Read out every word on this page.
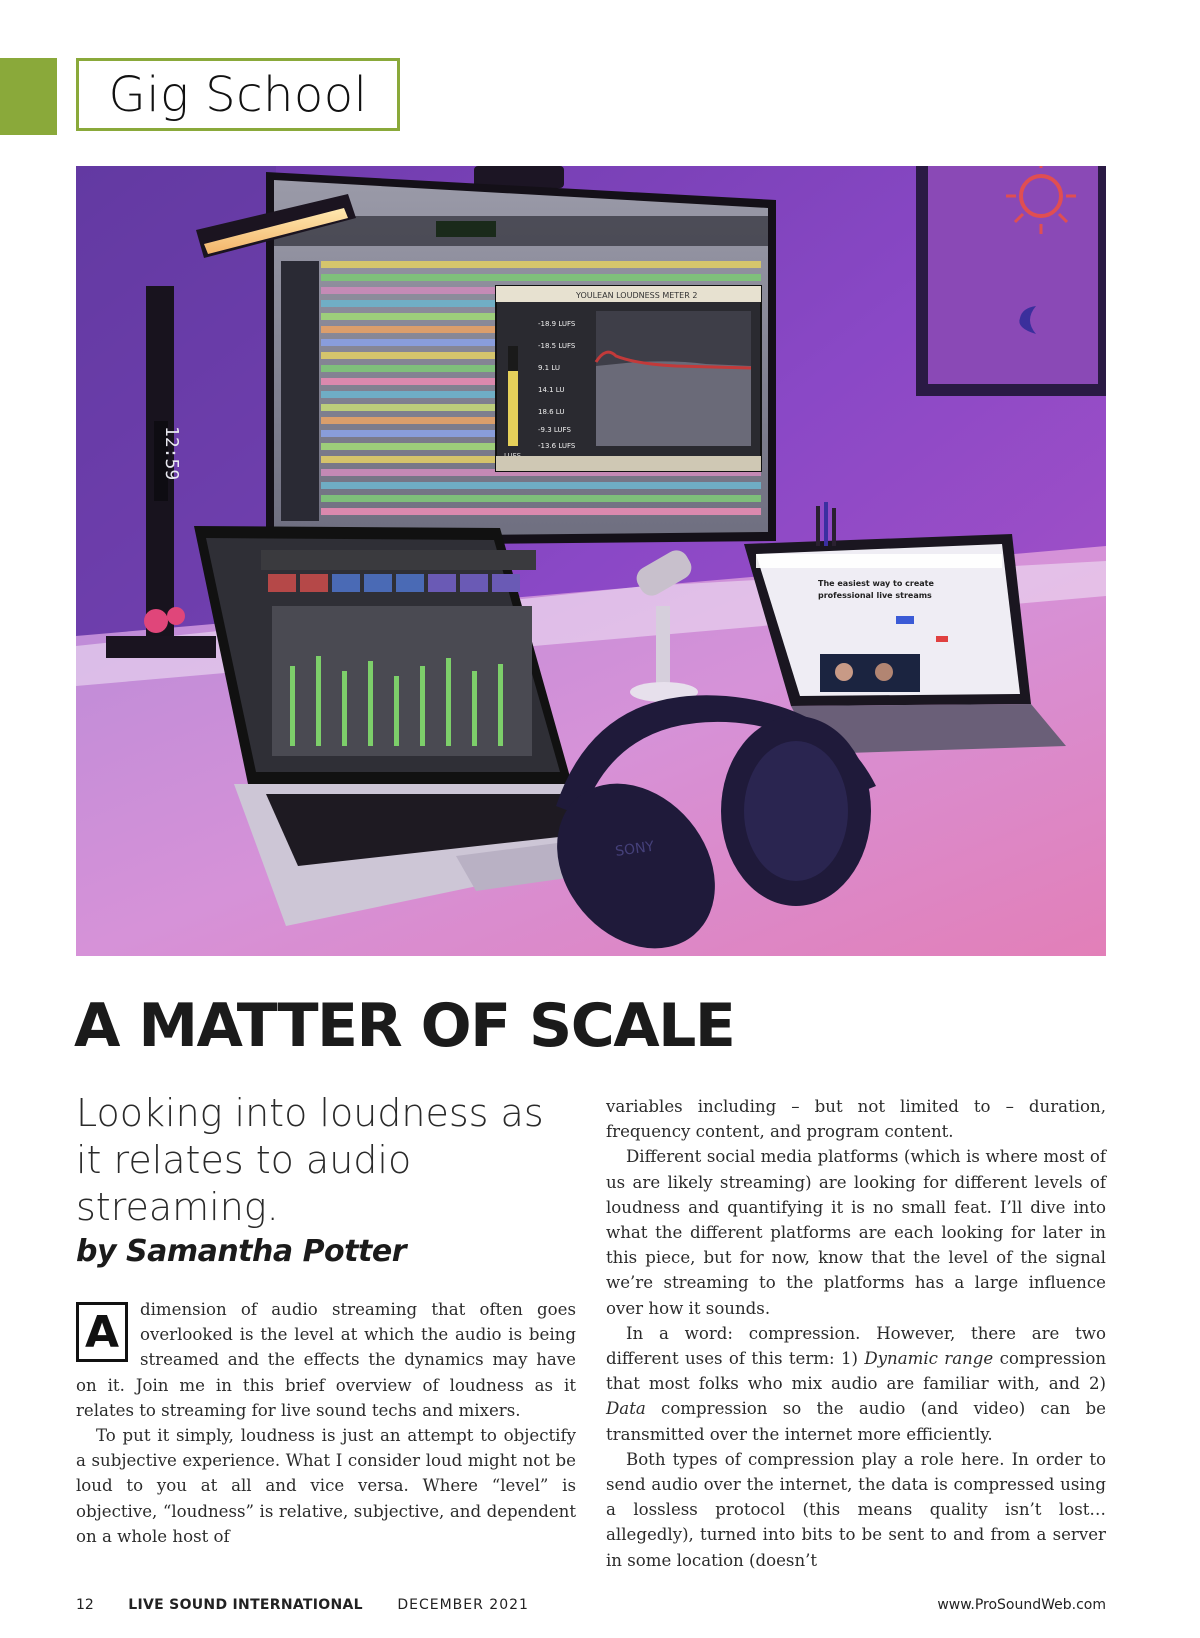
Gig School
YOULEAN LOUDNESS METER 2
-18.9 LUFS
-18.5 LUFS
9.1 LU
14.1 LU
18.6 LU
-9.3 LUFS
-13.6 LUFS
12:59
The easiest way to create
professional live streams
SONY
A MATTER OF SCALE

Looking into loudness as it relates to audio streaming.

by Samantha Potter

A	dimension of audio streaming that often goes overlooked is the level at which the audio is being streamed and the effects the dynamics may have on it. Join me in this brief overview of loudness as it relates to streaming for live sound techs and mixers.

To put it simply, loudness is just an attempt to objectify a subjective experience. What I consider loud might not be loud to you at all and vice versa. Where “level” is objective, “loudness” is relative, subjective, and dependent on a whole host of

variables including – but not limited to – duration, frequency content, and program content.

Different social media platforms (which is where most of us are likely streaming) are looking for different levels of loudness and quantifying it is no small feat. I’ll dive into what the different platforms are each looking for later in this piece, but for now, know that the level of the signal we’re streaming to the platforms has a large influence over how it sounds.

In a word: compression. However, there are two different uses of this term: 1) Dynamic range compression that most folks who mix audio are familiar with, and 2) Data compression so the audio (and video) can be transmitted over the internet more efficiently.

Both types of compression play a role here. In order to send audio over the internet, the data is compressed using a lossless protocol (this means quality isn’t lost… allegedly), turned into bits to be sent to and from a server in some location (doesn’t

12 LIVE SOUND INTERNATIONAL DECEMBER 2021	www.ProSoundWeb.com
